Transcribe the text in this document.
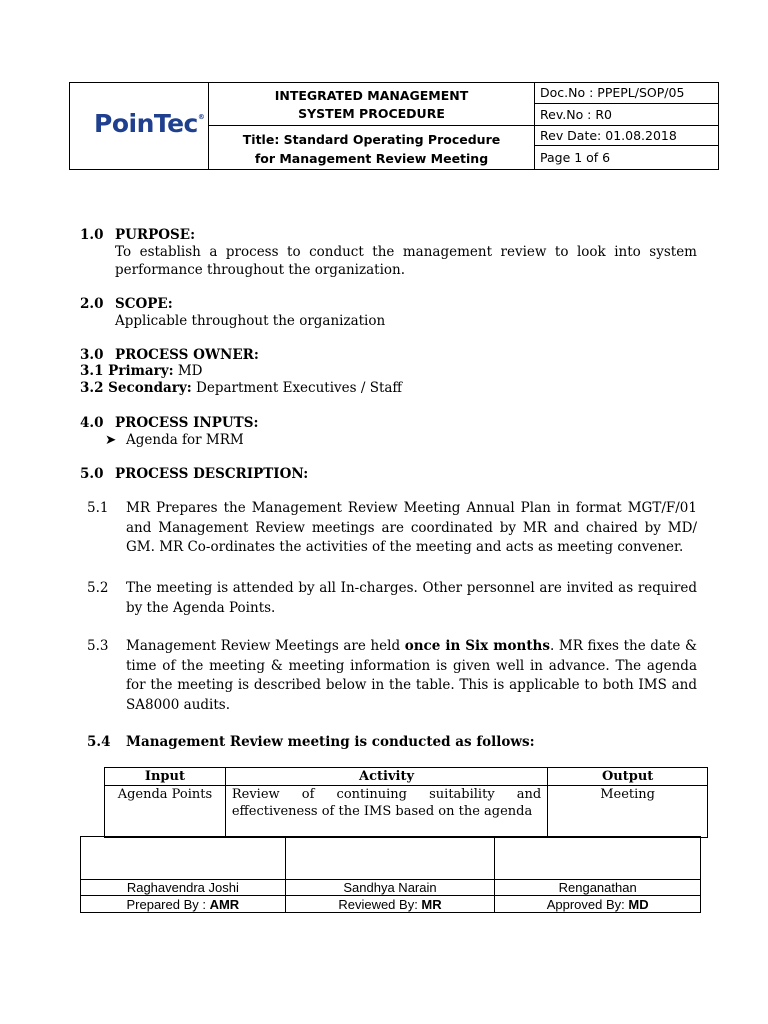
PoinTec®
INTEGRATED MANAGEMENT SYSTEM PROCEDURE
Title: Standard Operating Procedure for Management Review Meeting
Doc.No : PPEPL/SOP/05
Rev.No : R0
Rev Date: 01.08.2018
Page 1 of 6
1.0 PURPOSE:
To establish a process to conduct the management review to look into system performance throughout the organization.
2.0 SCOPE:
Applicable throughout the organization
3.0 PROCESS OWNER:
3.1 Primary: MD
3.2 Secondary: Department Executives / Staff
4.0 PROCESS INPUTS:
➤ Agenda for MRM
5.0 PROCESS DESCRIPTION:
5.1 MR Prepares the Management Review Meeting Annual Plan in format MGT/F/01 and Management Review meetings are coordinated by MR and chaired by MD/ GM. MR Co-ordinates the activities of the meeting and acts as meeting convener.
5.2 The meeting is attended by all In-charges. Other personnel are invited as required by the Agenda Points.
5.3 Management Review Meetings are held once in Six months. MR fixes the date & time of the meeting & meeting information is given well in advance. The agenda for the meeting is described below in the table. This is applicable to both IMS and SA8000 audits.
5.4 Management Review meeting is conducted as follows:
Input	Activity	Output
Agenda Points	Review of continuing suitability and effectiveness of the IMS based on the agenda	Meeting

Raghavendra Joshi	Sandhya Narain	Renganathan
Prepared By : AMR	Reviewed By: MR	Approved By: MD
